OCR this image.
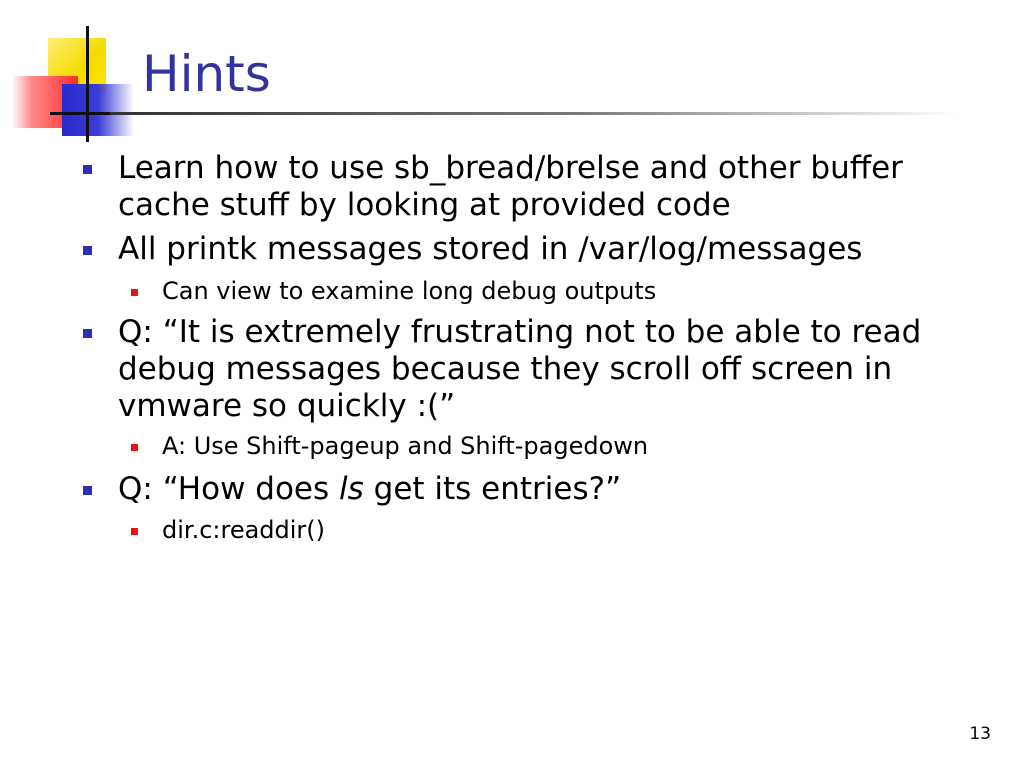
Hints
Learn how to use sb_bread/brelse and other buffer cache stuff by looking at provided code
All printk messages stored in /var/log/messages
Can view to examine long debug outputs
Q: “It is extremely frustrating not to be able to read debug messages because they scroll off screen in vmware so quickly :(”
A: Use Shift-pageup and Shift-pagedown
Q: “How does ls get its entries?”
dir.c:readdir()
13
